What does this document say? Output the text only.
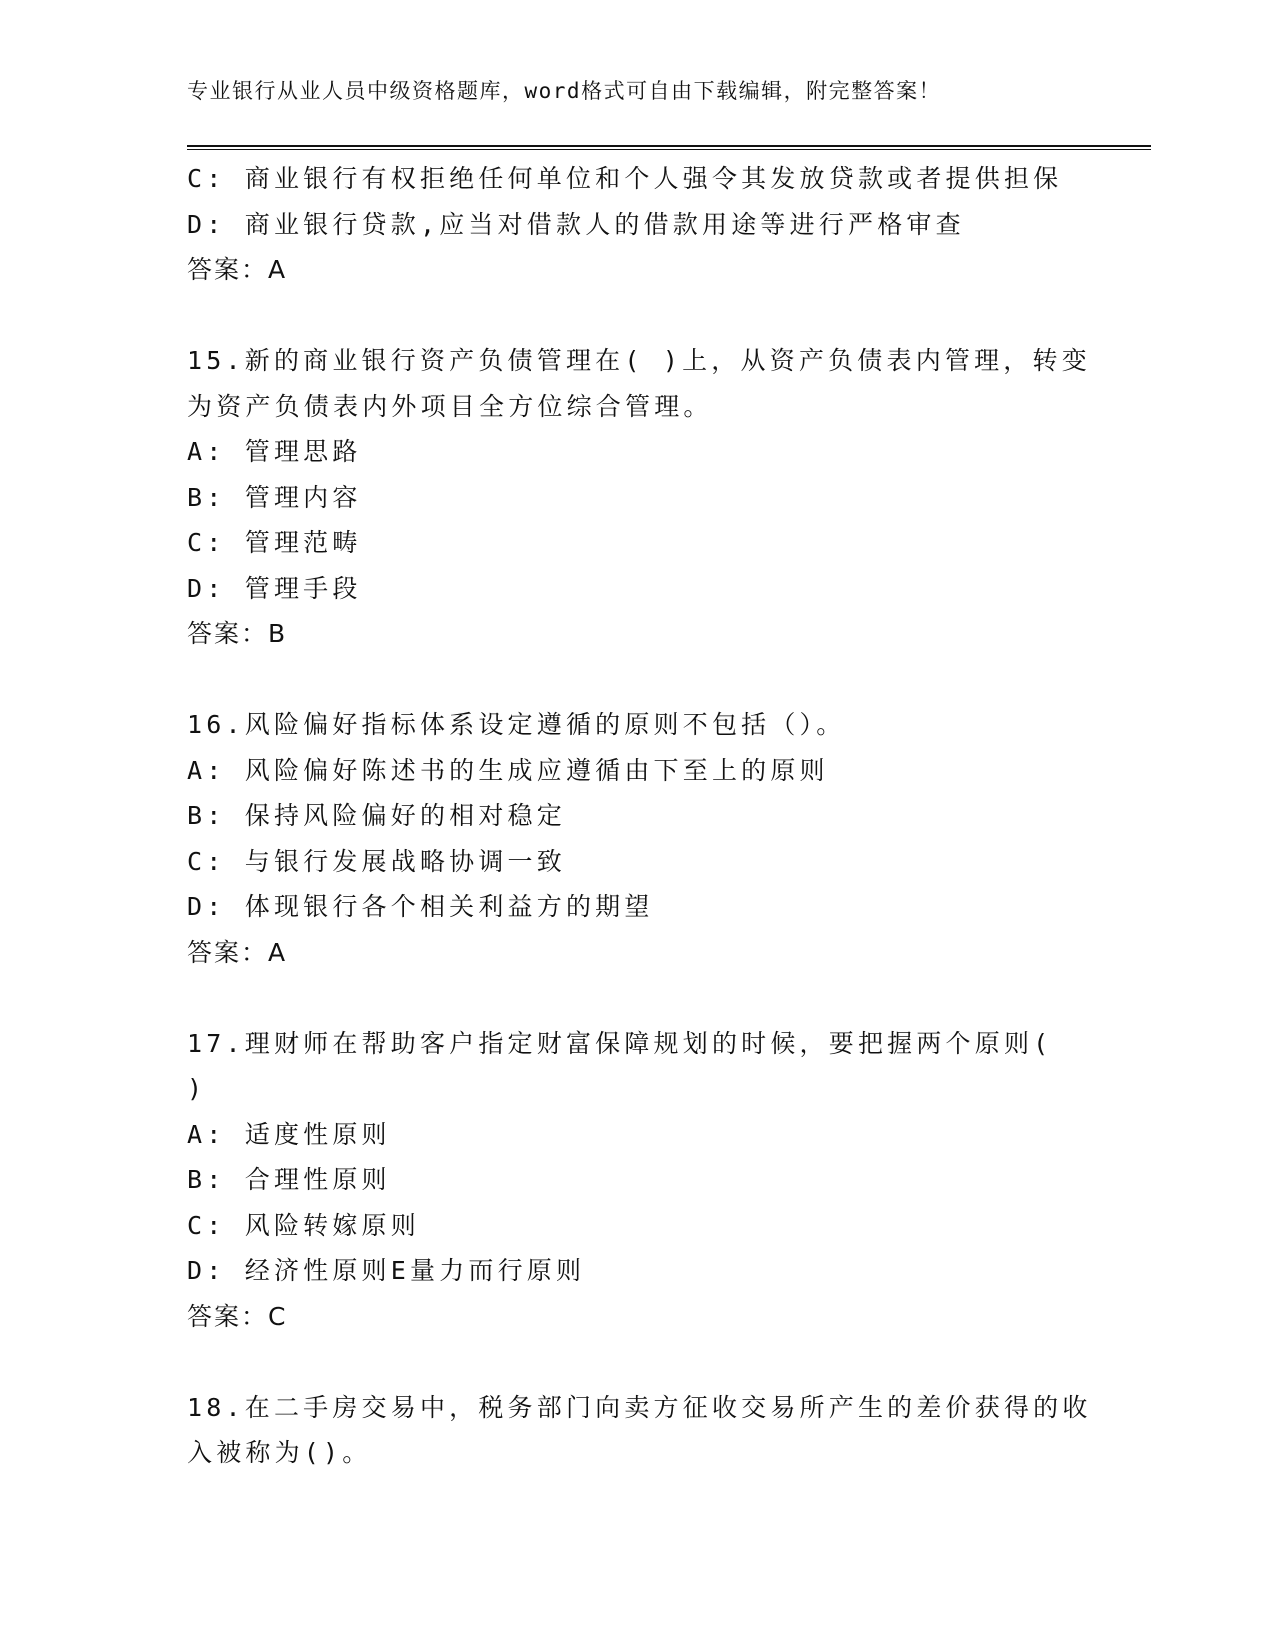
专业银行从业人员中级资格题库，word格式可自由下载编辑，附完整答案！
C: 商业银行有权拒绝任何单位和个人强令其发放贷款或者提供担保
D: 商业银行贷款,应当对借款人的借款用途等进行严格审查
答案：A
15.新的商业银行资产负债管理在( )上，从资产负债表内管理，转变
为资产负债表内外项目全方位综合管理。
A: 管理思路
B: 管理内容
C: 管理范畴
D: 管理手段
答案：B
16.风险偏好指标体系设定遵循的原则不包括（）。
A: 风险偏好陈述书的生成应遵循由下至上的原则
B: 保持风险偏好的相对稳定
C: 与银行发展战略协调一致
D: 体现银行各个相关利益方的期望
答案：A
17.理财师在帮助客户指定财富保障规划的时候，要把握两个原则(
)
A: 适度性原则
B: 合理性原则
C: 风险转嫁原则
D: 经济性原则E量力而行原则
答案：C
18.在二手房交易中，税务部门向卖方征收交易所产生的差价获得的收
入被称为()。
